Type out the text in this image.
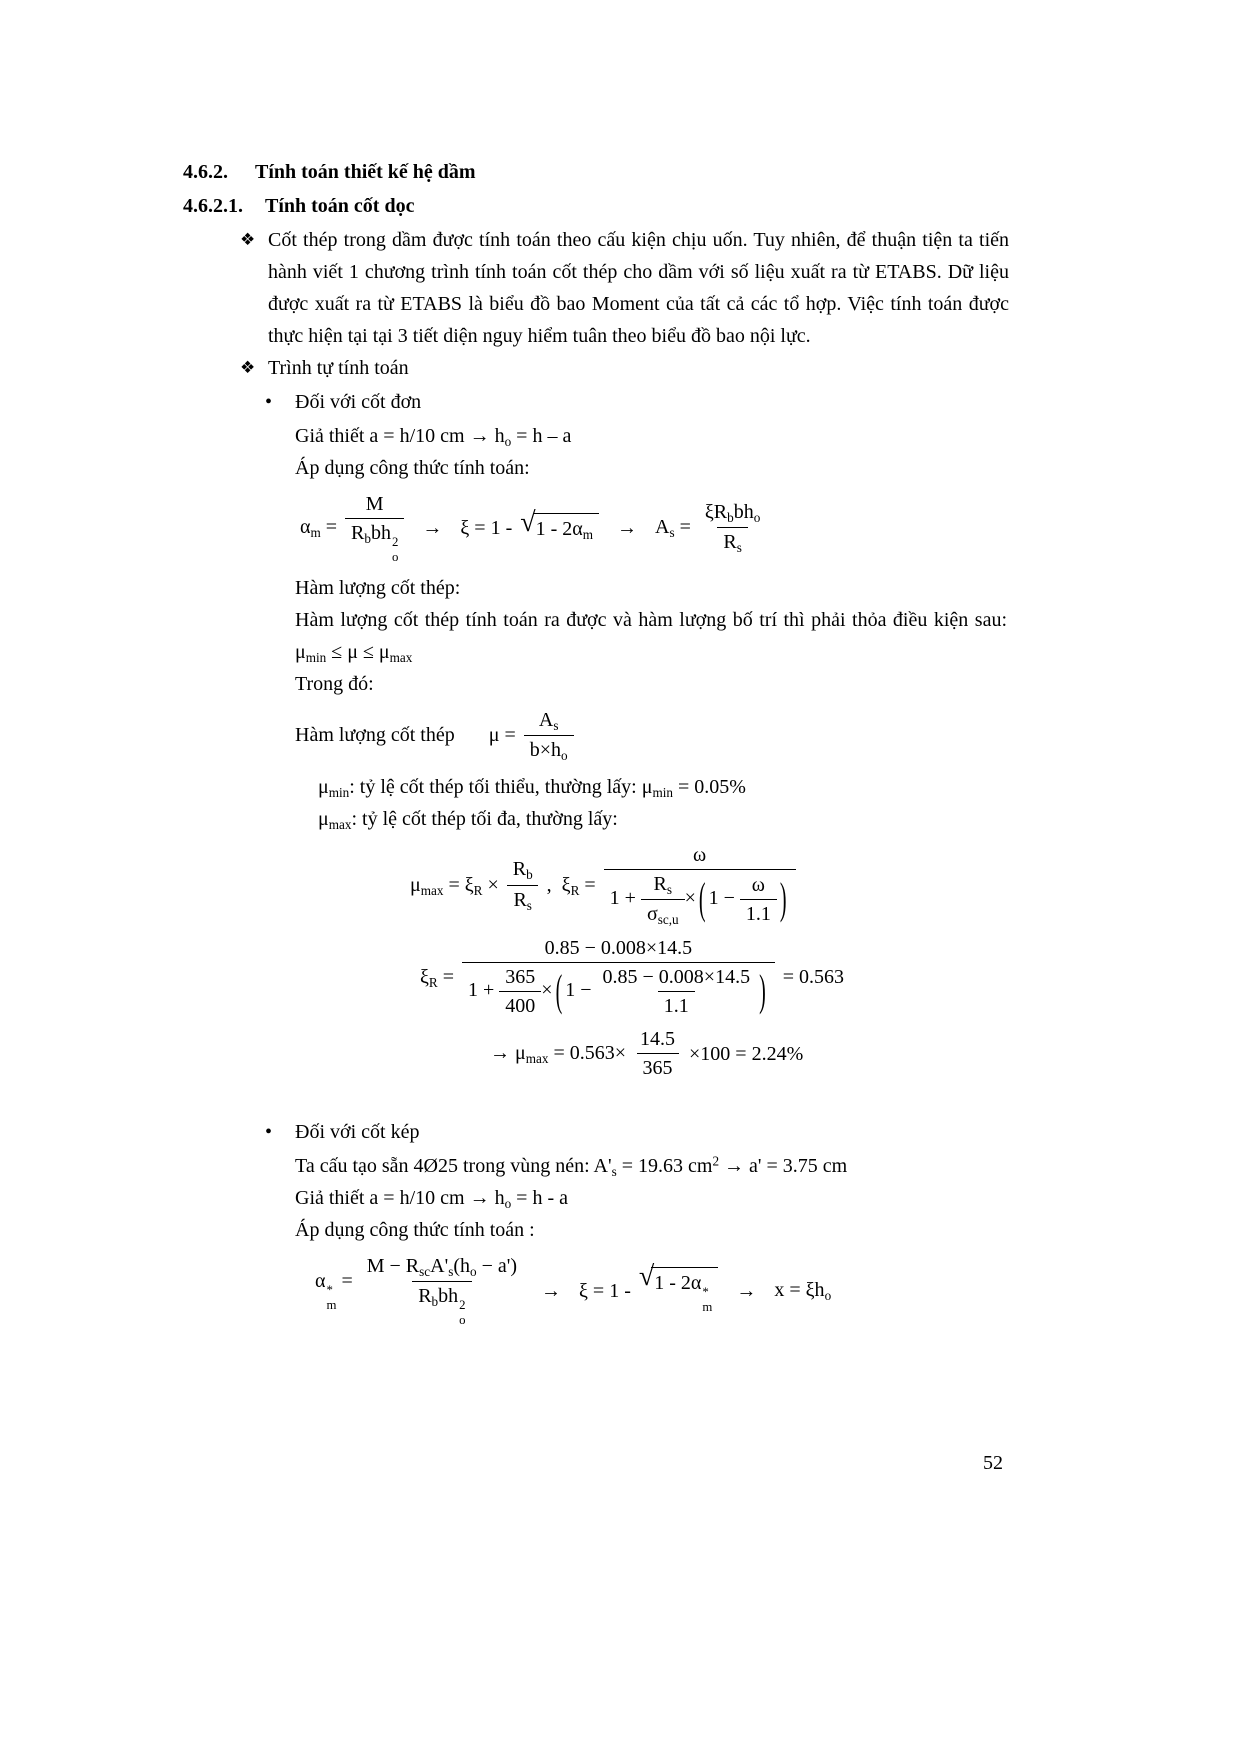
4.6.2. Tính toán thiết kế hệ dầm
4.6.2.1. Tính toán cốt dọc
❖ Cốt thép trong dầm được tính toán theo cấu kiện chịu uốn. Tuy nhiên, để thuận tiện ta tiến hành viết 1 chương trình tính toán cốt thép cho dầm với số liệu xuất ra từ ETABS. Dữ liệu được xuất ra từ ETABS là biểu đồ bao Moment của tất cả các tổ hợp. Việc tính toán được thực hiện tại tại 3 tiết diện nguy hiểm tuân theo biểu đồ bao nội lực.
❖ Trình tự tính toán
•	Đối với cốt đơn
Giả thiết a = h/10 cm → $h_o = h - a$
Áp dụng công thức tính toán:
$\alpha_m = M$
$R_bbh$ 2
o → ξ = 1 - √ $1 - 2\alpha_m$	→ $A_s = \frac{\xi R_bbh_o}{R_s}$
Hàm lượng cốt thép:
Hàm lượng cốt thép tính toán ra được và hàm lượng bố trí thì phải thỏa điều kiện sau: $\mu_{min} \le \mu \le \mu_{max}$
Trong đó:
Hàm lượng cốt thép $\mu = \frac{A_s}{b\times h_o}$
$\mu_{min}$: tỷ lệ cốt thép tối thiểu, thường lấy: $\mu_{min} = 0.05\%$
$\mu_{max}$: tỷ lệ cốt thép tối đa, thường lấy:
$\mu_{max} = \xi_R \times \frac{R_b}{R_s}$ ,  $\xi_R = \frac{\omega}{1 + \frac{R_s}{\sigma_{sc,u}} \times ( 1 - \frac{\omega}{1.1} )}$
$\xi_R = \frac{0.85 - 0.008\times 14.5}{1 + \frac{365}{400} \times ( 1 - \frac{0.85 - 0.008\times 14.5}{1.1} )} = 0.563$
→ $\mu_{max} = 0.563\times \frac{14.5}{365} \times 100 = 2.24\%$
•	Đối với cốt kép
Ta cấu tạo sẵn 4Ø25 trong vùng nén: $A'_s = 19.63$ $cm^2 \to a' = 3.75$ cm
Giả thiết a = h/10 cm → $h_o = h - a$
Áp dụng công thức tính toán :
α *
m
= $M - R_{sc}A'_s(h_o - a')$
$R_bbh$ 2
o → ξ = 1 - √ 1 - 2α *
m
→ $x = \xi h_o$
52
